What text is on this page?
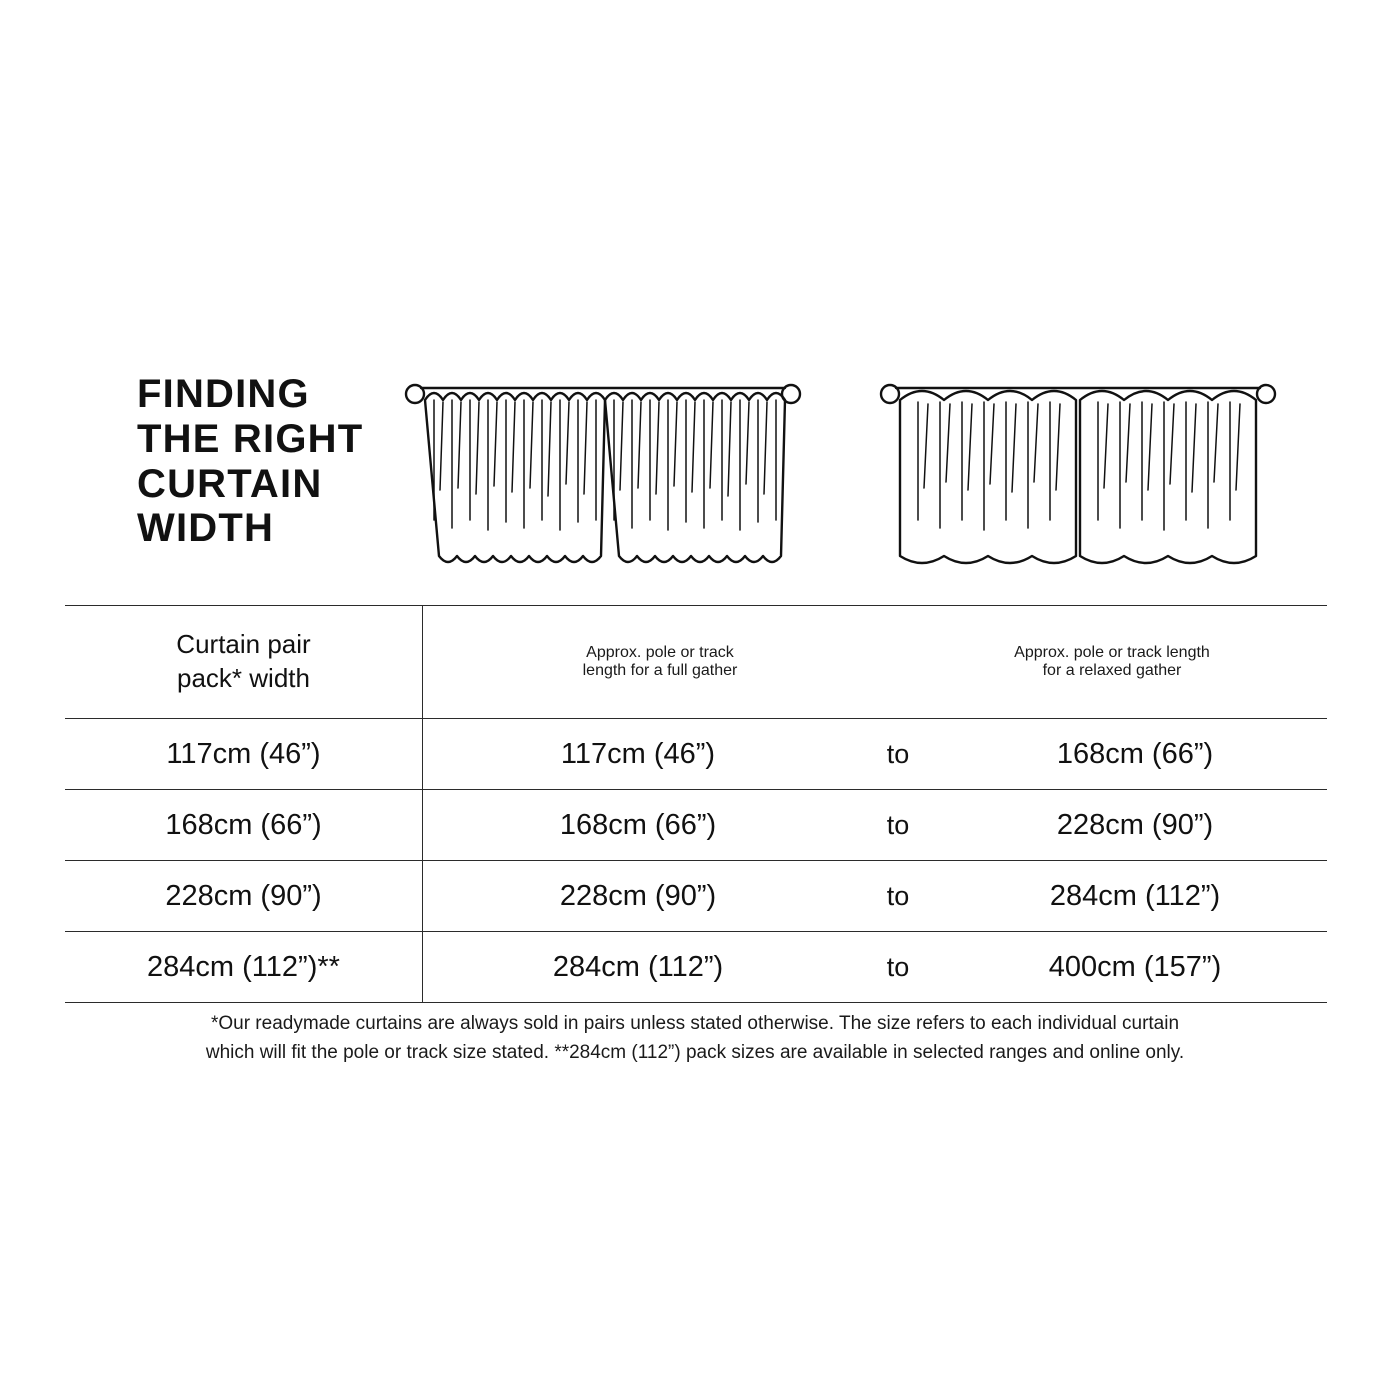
FINDING
THE RIGHT
CURTAIN
WIDTH
Curtain pair
pack* width
Approx. pole or track
length for a full gather
Approx. pole or track length
for a relaxed gather
117cm (46”)	117cm (46”)	to	168cm (66”)
168cm (66”)	168cm (66”)	to	228cm (90”)
228cm (90”)	228cm (90”)	to	284cm (112”)
284cm (112”)**	284cm (112”)	to	400cm (157”)
*Our readymade curtains are always sold in pairs unless stated otherwise. The size refers to each individual curtain
which will fit the pole or track size stated. **284cm (112”) pack sizes are available in selected ranges and online only.
